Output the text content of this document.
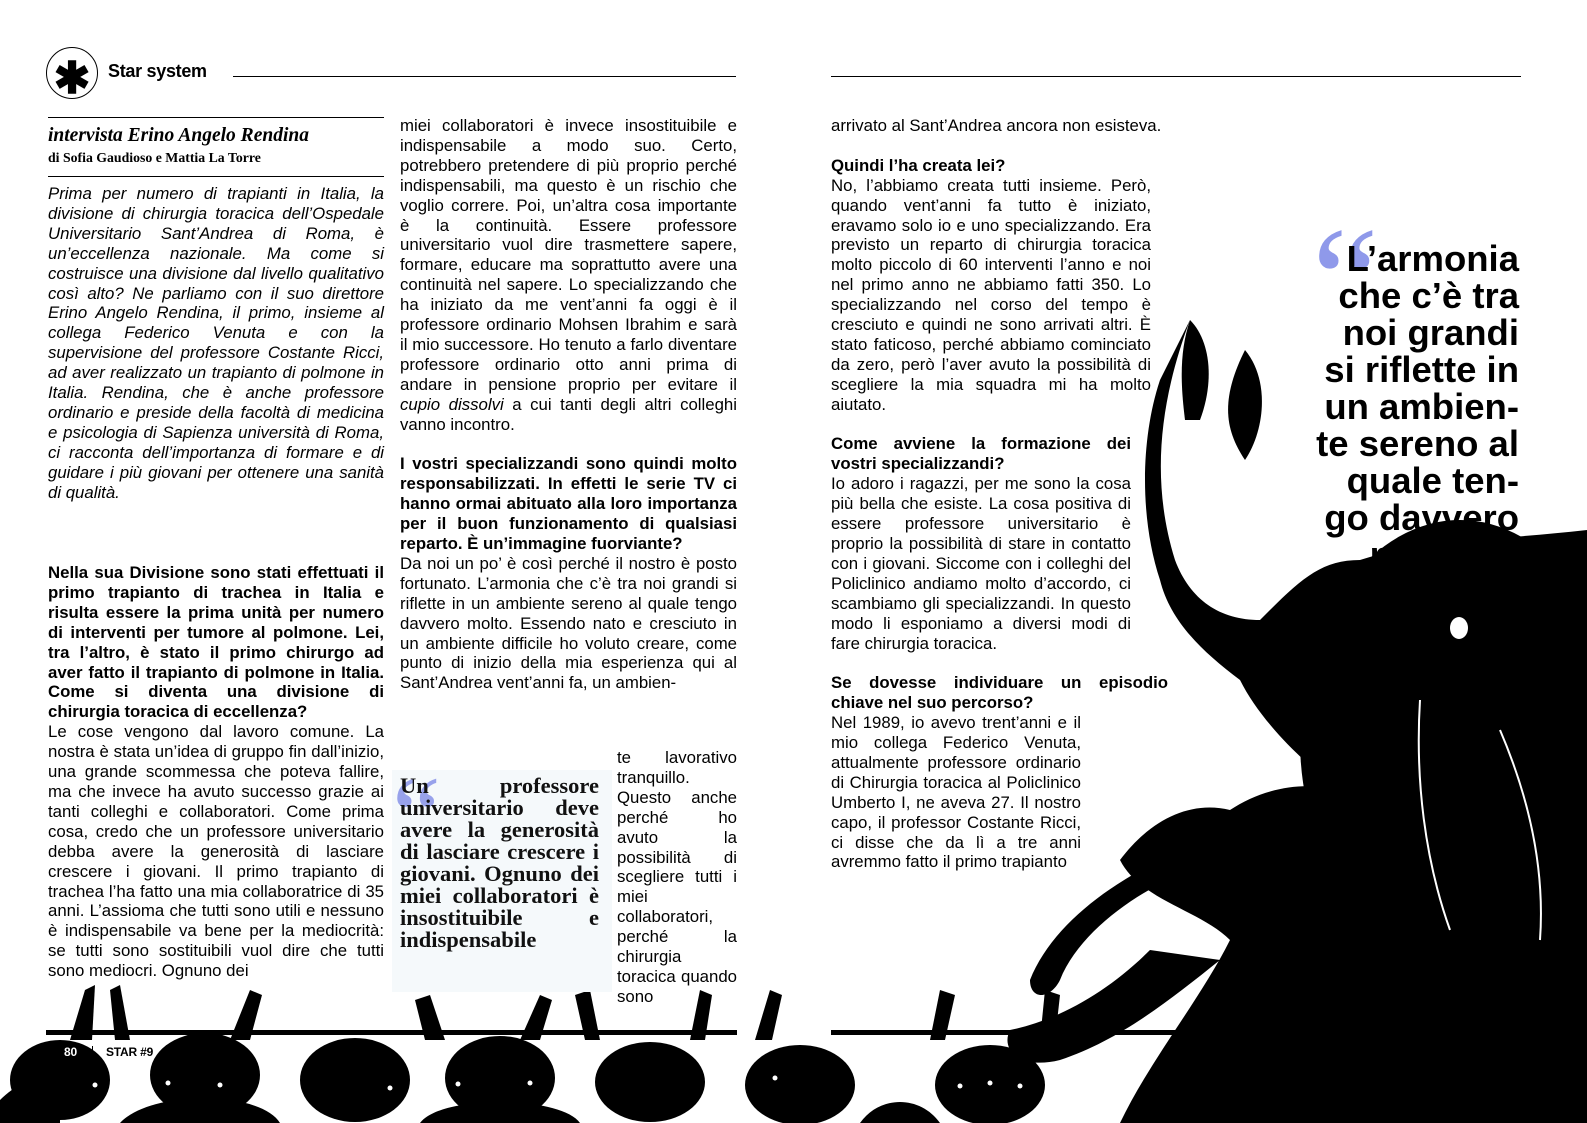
✱ Star system
intervista Erino Angelo Rendina
di Sofia Gaudioso e Mattia La Torre

Prima per numero di trapianti in Italia, la divisione di chirurgia toracica dell’Ospedale Universitario Sant’Andrea di Roma, è un’eccellenza nazionale. Ma come si costruisce una divisione dal livello qualitativo così alto? Ne parliamo con il suo direttore Erino Angelo Rendina, il primo, insieme al collega Federico Venuta e con la supervisione del professore Costante Ricci, ad aver realizzato un trapianto di polmone in Italia. Rendina, che è anche professore ordinario e preside della facoltà di medicina e psicologia di Sapienza università di Roma, ci racconta dell’importanza di formare e di guidare i più giovani per ottenere una sanità di qualità.

Nella sua Divisione sono stati effettuati il primo trapianto di trachea in Italia e risulta essere la prima unità per numero di interventi per tumore al polmone. Lei, tra l’altro, è stato il primo chirurgo ad aver fatto il trapianto di polmone in Italia. Come si diventa una divisione di chirurgia toracica di eccellenza?

Le cose vengono dal lavoro comune. La nostra è stata un’idea di gruppo fin dall’inizio, una grande scommessa che poteva fallire, ma che invece ha avuto successo grazie ai tanti colleghi e collaboratori. Come prima cosa, credo che un professore universitario debba avere la generosità di lasciare crescere i giovani. Il primo trapianto di trachea l’ha fatto una mia collaboratrice di 35 anni. L’assioma che tutti sono utili e nessuno è indispensabile va bene per la mediocrità: se tutti sono sostituibili vuol dire che tutti sono mediocri. Ognuno dei

miei collaboratori è invece insostituibile e indispensabile a modo suo. Certo, potrebbero pretendere di più proprio perché indispensabili, ma questo è un rischio che voglio correre. Poi, un’altra cosa importante è la continuità. Essere professore universitario vuol dire trasmettere sapere, formare, educare ma soprattutto avere una continuità nel sapere. Lo specializzando che ha iniziato da me vent’anni fa oggi è il professore ordinario Mohsen Ibrahim e sarà il mio successore. Ho tenuto a farlo diventare professore ordinario otto anni prima di andare in pensione proprio per evitare il cupio dissolvi a cui tanti degli altri colleghi vanno incontro.

I vostri specializzandi sono quindi molto responsabilizzati. In effetti le serie TV ci hanno ormai abituato alla loro importanza per il buon funzionamento di qualsiasi reparto. È un’immagine fuorviante?

Da noi un po’ è così perché il nostro è posto fortunato. L’armonia che c’è tra noi grandi si riflette in un ambiente sereno al quale tengo davvero molto. Essendo nato e cresciuto in un ambiente difficile ho voluto creare, come punto di inizio della mia esperienza qui al Sant’Andrea vent’anni fa, un ambien-

te lavorativo tranquillo. Questo anche perché ho avuto la possibilità di scegliere tutti i miei collaboratori, perché la chirurgia toracica quando sono

“

Un professore universitario deve avere la generosità di lasciare crescere i giovani. Ognuno dei miei collaboratori è insostituibile e indispensabile

arrivato al Sant’Andrea ancora non esisteva.

Quindi l’ha creata lei?

No, l’abbiamo creata tutti insieme. Però, quando vent’anni fa tutto è iniziato, eravamo solo io e uno specializzando. Era previsto un reparto di chirurgia toracica molto piccolo di 60 interventi l’anno e noi nel primo anno ne abbiamo fatti 350. Lo specializzando nel corso del tempo è cresciuto e quindi ne sono arrivati altri. È stato faticoso, perché abbiamo cominciato da zero, però l’aver avuto la possibilità di scegliere la mia squadra mi ha molto aiutato.

Come avviene la formazione dei vostri specializzandi?

Io adoro i ragazzi, per me sono la cosa più bella che esiste. La cosa positiva di essere professore universitario è proprio la possibilità di stare in contatto con i giovani. Siccome con i colleghi del Policlinico andiamo molto d’accordo, ci scambiamo gli specializzandi. In questo modo li esponiamo a diversi modi di fare chirurgia toracica.

Se dovesse individuare un episodio chiave nel suo percorso?

Nel 1989, io avevo trent’anni e il mio collega Federico Venuta, attualmente professore ordinario di Chirurgia toracica al Policlinico Umberto I, ne aveva 27. Il nostro capo, il professor Costante Ricci, ci disse che da lì a tre anni avremmo fatto il primo trapianto

“
L’armonia
che c’è tra
noi grandi
si riflette in
un ambien-
te sereno al
quale ten-
go davvero
molto
80 STAR #9	STAR #9 81
